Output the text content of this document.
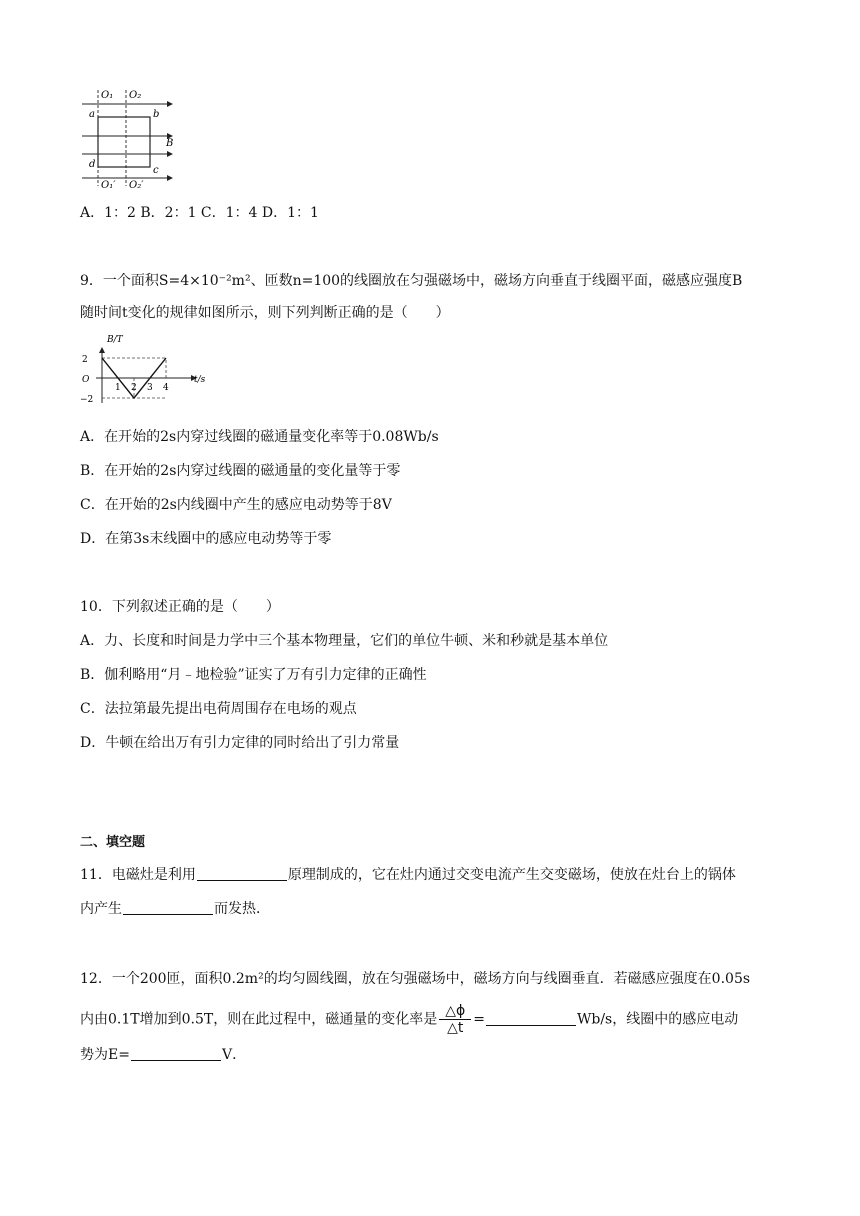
O₁ O₂
O₁′ O₂′
a	b
c
d
B
A．1：2 B．2：1 C．1：4 D．1：1
9．一个面积S=4×10⁻²m²、匝数n=100的线圈放在匀强磁场中，磁场方向垂直于线圈平面，磁感应强度B
随时间t变化的规律如图所示，则下列判断正确的是（　　）
1 2 3 4
2
O
−2
B/T
t/s
A．在开始的2s内穿过线圈的磁通量变化率等于0.08Wb/s
B．在开始的2s内穿过线圈的磁通量的变化量等于零
C．在开始的2s内线圈中产生的感应电动势等于8V
D．在第3s末线圈中的感应电动势等于零
10．下列叙述正确的是（　　）
A．力、长度和时间是力学中三个基本物理量，它们的单位牛顿、米和秒就是基本单位
B．伽利略用“月﹣地检验”证实了万有引力定律的正确性
C．法拉第最先提出电荷周围存在电场的观点
D．牛顿在给出万有引力定律的同时给出了引力常量
二、填空题
11．电磁灶是利用	原理制成的，它在灶内通过交变电流产生交变磁场，使放在灶台上的锅体
内产生	而发热．
12．一个200匝，面积0.2m²的均匀圆线圈，放在匀强磁场中，磁场方向与线圈垂直．若磁感应强度在0.05s
内由0.1T增加到0.5T，则在此过程中，磁通量的变化率是 $\frac{\triangle\phi}{\triangle t}$ =	Wb/s，线圈中的感应电动
势为E=	V．
